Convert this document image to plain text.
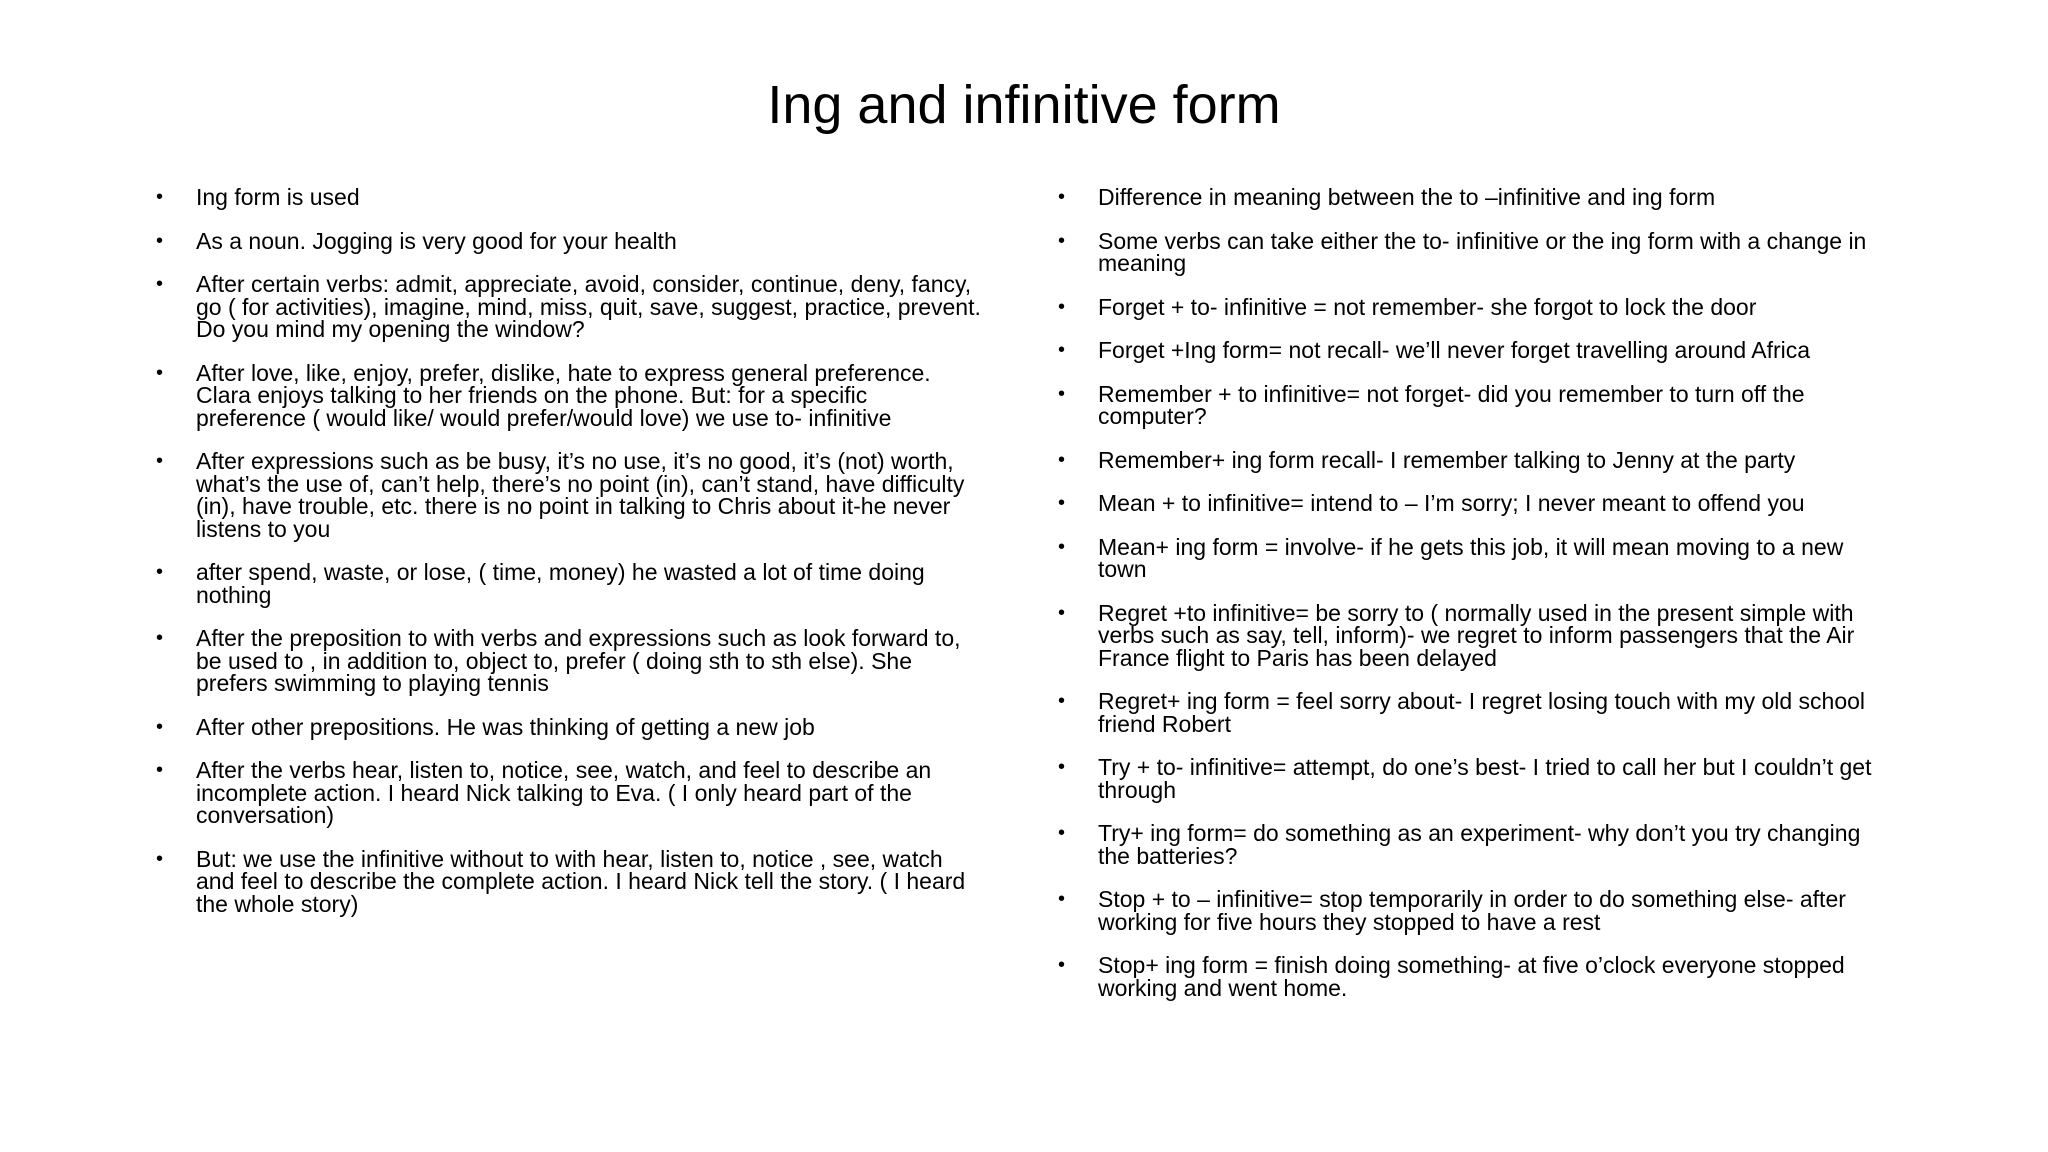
Ing and infinitive form
• Ing form is used
• As a noun. Jogging is very good for your health
• After certain verbs: admit, appreciate, avoid, consider, continue, deny, fancy,
go ( for activities), imagine, mind, miss, quit, save, suggest, practice, prevent.
Do you mind my opening the window?
• After love, like, enjoy, prefer, dislike, hate to express general preference.
Clara enjoys talking to her friends on the phone. But: for a specific
preference ( would like/ would prefer/would love) we use to- infinitive
• After expressions such as be busy, it’s no use, it’s no good, it’s (not) worth,
what’s the use of, can’t help, there’s no point (in), can’t stand, have difficulty
(in), have trouble, etc. there is no point in talking to Chris about it-he never
listens to you
• after spend, waste, or lose, ( time, money) he wasted a lot of time doing
nothing
• After the preposition to with verbs and expressions such as look forward to,
be used to , in addition to, object to, prefer ( doing sth to sth else). She
prefers swimming to playing tennis
• After other prepositions. He was thinking of getting a new job
• After the verbs hear, listen to, notice, see, watch, and feel to describe an
incomplete action. I heard Nick talking to Eva. ( I only heard part of the
conversation)
• But: we use the infinitive without to with hear, listen to, notice , see, watch
and feel to describe the complete action. I heard Nick tell the story. ( I heard
the whole story)
• Difference in meaning between the to –infinitive and ing form
• Some verbs can take either the to- infinitive or the ing form with a change in
meaning
• Forget + to- infinitive = not remember- she forgot to lock the door
• Forget +Ing form= not recall- we’ll never forget travelling around Africa
• Remember + to infinitive= not forget- did you remember to turn off the
computer?
• Remember+ ing form recall- I remember talking to Jenny at the party
• Mean + to infinitive= intend to – I’m sorry; I never meant to offend you
• Mean+ ing form = involve- if he gets this job, it will mean moving to a new
town
• Regret +to infinitive= be sorry to ( normally used in the present simple with
verbs such as say, tell, inform)- we regret to inform passengers that the Air
France flight to Paris has been delayed
• Regret+ ing form = feel sorry about- I regret losing touch with my old school
friend Robert
• Try + to- infinitive= attempt, do one’s best- I tried to call her but I couldn’t get
through
• Try+ ing form= do something as an experiment- why don’t you try changing
the batteries?
• Stop + to – infinitive= stop temporarily in order to do something else- after
working for five hours they stopped to have a rest
• Stop+ ing form = finish doing something- at five o’clock everyone stopped
working and went home.
